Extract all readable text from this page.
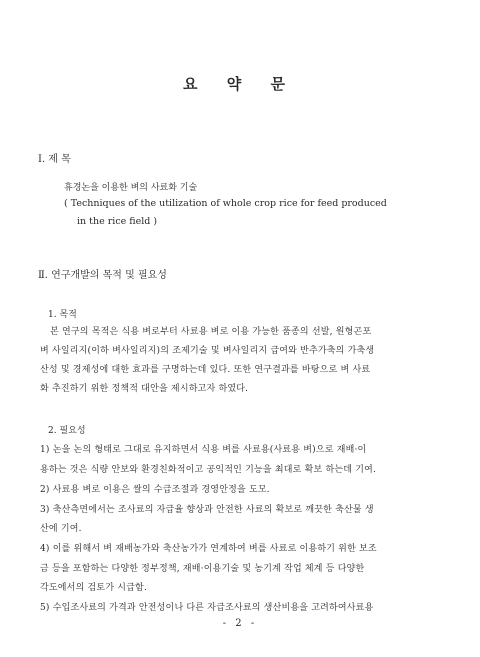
요 약 문
Ⅰ. 제 목
휴경논을 이용한 벼의 사료화 기술
( Techniques of the utilization of whole crop rice for feed produced
in the rice field )
Ⅱ. 연구개발의 목적 및 필요성
1. 목적
본 연구의 목적은 식용 벼로부터 사료용 벼로 이용 가능한 품종의 선발, 원형곤포
벼 사일리지(이하 벼사일리지)의 조제기술 및 벼사일리지 급여와 반추가축의 가축생
산성 및 경제성에 대한 효과를 구명하는데 있다. 또한 연구결과를 바탕으로 벼 사료
화 추진하기 위한 정책적 대안을 제시하고자 하였다.
2. 필요성
1) 논을 논의 형태로 그대로 유지하면서 식용 벼를 사료용(사료용 벼)으로 재배·이
용하는 것은 식량 안보와 환경친화적이고 공익적인 기능을 최대로 확보 하는데 기여.
2) 사료용 벼로 이용은 쌀의 수급조절과 경영안정을 도모.
3) 축산측면에서는 조사료의 자급율 향상과 안전한 사료의 확보로 깨끗한 축산물 생
산에 기여.
4) 이를 위해서 벼 재배농가와 축산농가가 연계하여 벼를 사료로 이용하기 위한 보조
금 등을 포함하는 다양한 정부정책, 재배·이용기술 및 농기계 작업 체계 등 다양한
각도에서의 검토가 시급함.
5) 수입조사료의 가격과 안전성이나 다른 자급조사료의 생산비용을 고려하여사료용
- 2 -
